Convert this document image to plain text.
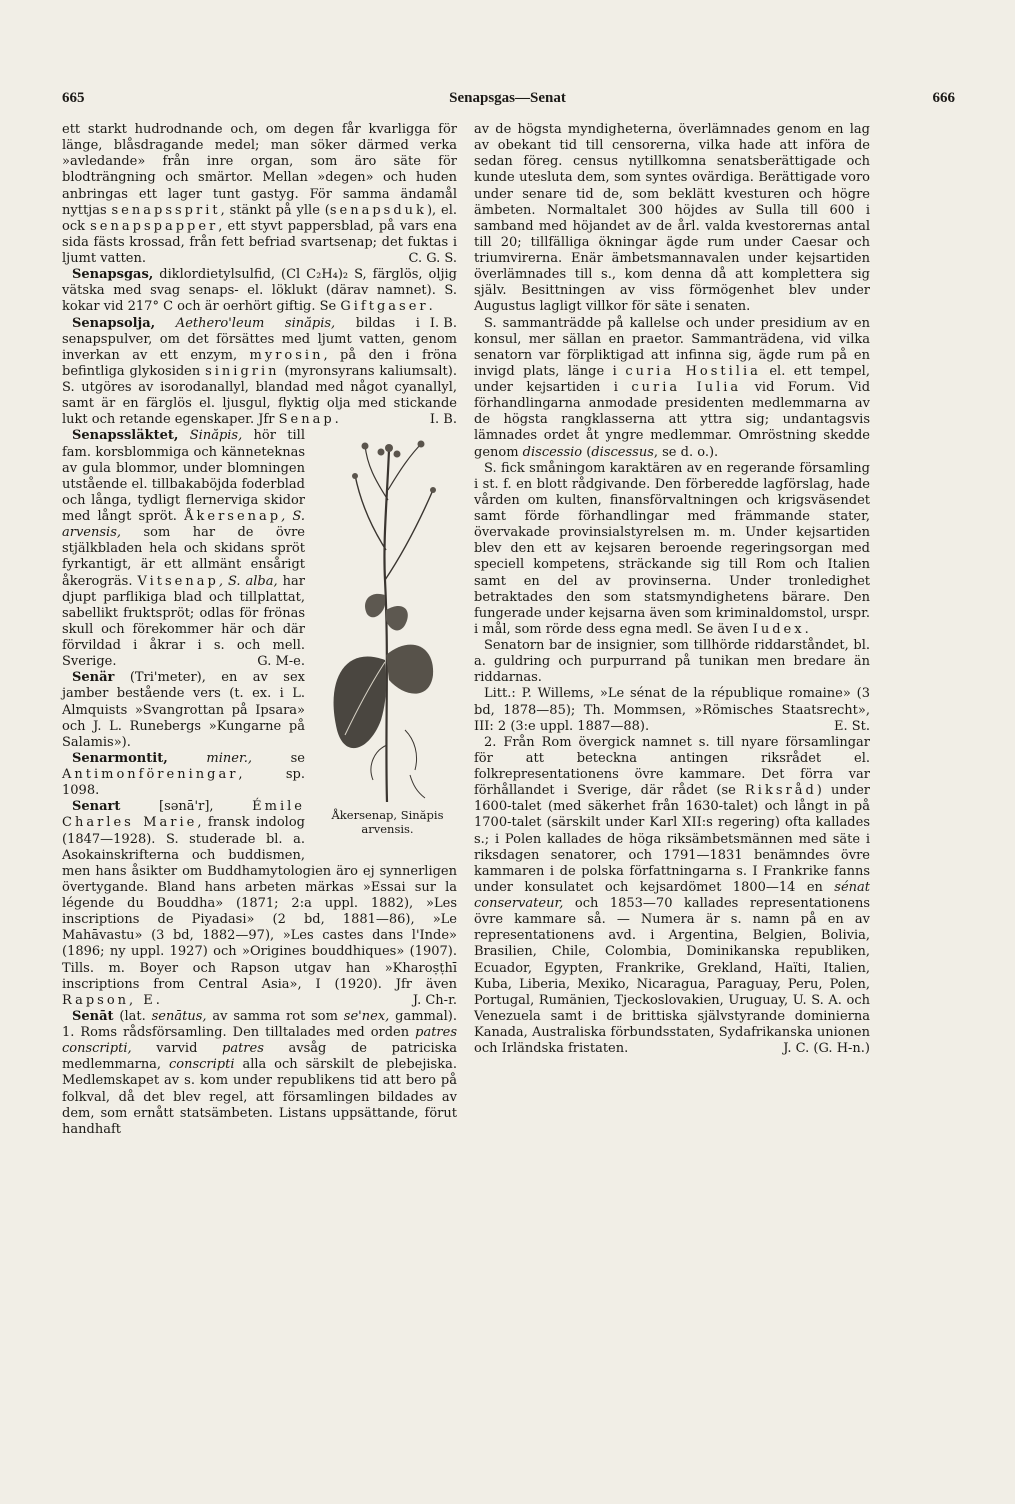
665	Senapsgas—Senat	666

ett starkt hudrodnande och, om degen får kvarligga för länge, blåsdragande medel; man söker därmed verka »avledande» från inre organ, som äro säte för blodträngning och smärtor. Mellan »degen» och huden anbringas ett lager tunt gastyg. För samma ändamål nyttjas senapssprit, stänkt på ylle (senapsduk), el. ock senapspapper, ett styvt pappersblad, på vars ena sida fästs krossad, från fett befriad svartsenap; det fuktas i ljumt vatten.	C. G. S.

Senapsgas, diklordietylsulfid, (Cl C₂H₄)₂ S, färglös, oljig vätska med svag senaps- el. löklukt (därav namnet). S. kokar vid 217° C och är oerhört giftig. Se Giftgaser.
I. B.

Senapsolja, Aethero'leum sinăpis, bildas i senapspulver, om det försättes med ljumt vatten, genom inverkan av ett enzym, myrosin, på den i fröna befintliga glykosiden sinigrin (myronsyrans kaliumsalt). S. utgöres av isorodanallyl, blandad med något cyanallyl, samt är en färglös el. ljusgul, flyktig olja med stickande lukt och retande egenskaper. Jfr Senap.	I. B.

Åkersenap, Sinăpis arvensis.

Senapssläktet, Sinăpis, hör till fam. korsblommiga och känneteknas av gula blommor, under blomningen utstående el. tillbakaböjda foderblad och långa, tydligt flernerviga skidor med långt spröt. Åkersenap, S. arvensis, som har de övre stjälkbladen hela och skidans spröt fyrkantigt, är ett allmänt ensårigt åkerogräs. Vitsenap, S. alba, har djupt parflikiga blad och tillplattat, sabellikt fruktspröt; odlas för frönas skull och förekommer här och där förvildad i åkrar i s. och mell. Sverige.	G. M-e.

Senär (Tri'meter), en av sex jamber bestående vers (t. ex. i L. Almquists »Svangrottan på Ipsara» och J. L. Runebergs »Kungarne på Salamis»).

Senarmontit, miner., se Antimonföreningar, sp. 1098.

Senart [sənā'r],	Émile Charles Marie, fransk indolog (1847—1928). S. studerade bl. a. Asokainskrifterna och buddismen, men hans åsikter om Buddhamytologien äro ej synnerligen övertygande. Bland hans arbeten märkas »Essai sur la légende du Bouddha» (1871; 2:a uppl. 1882), »Les inscriptions de Piyadasi» (2 bd, 1881—86), »Le Mahāvastu» (3 bd, 1882—97), »Les castes dans l'Inde» (1896; ny uppl. 1927) och »Origines bouddhiques» (1907). Tills. m. Boyer och Rapson utgav han »Kharoṣṭhī inscriptions from Central Asia», I (1920). Jfr även Rapson, E.	J. Ch-r.

Senāt (lat. senātus, av samma rot som se'nex, gammal). 1. Roms rådsförsamling. Den tilltalades med orden patres conscripti, varvid patres avsåg de patriciska medlemmarna, conscripti alla och särskilt de plebejiska. Medlemskapet av s. kom under republikens tid att bero på folkval, då det blev regel, att församlingen bildades av dem, som ernått statsämbeten. Listans uppsättande, förut handhaft

av de högsta myndigheterna, överlämnades genom en lag av obekant tid till censorerna, vilka hade att införa de sedan föreg. census nytillkomna senatsberättigade och kunde utesluta dem, som syntes ovärdiga. Berättigade voro under senare tid de, som beklätt kvesturen och högre ämbeten. Normaltalet 300 höjdes av Sulla till 600 i samband med höjandet av de årl. valda kvestorernas antal till 20; tillfälliga ökningar ägde rum under Caesar och triumvirerna. Enär ämbetsmannavalen under kejsartiden överlämnades till s., kom denna då att komplettera sig själv. Besittningen av viss förmögenhet blev under Augustus lagligt villkor för säte i senaten.

S. sammanträdde på kallelse och under presidium av en konsul, mer sällan en praetor. Sammanträdena, vid vilka senatorn var förpliktigad att infinna sig, ägde rum på en invigd plats, länge i curia Hostilia el. ett tempel, under kejsartiden i curia Iulia vid Forum. Vid förhandlingarna anmodade presidenten medlemmarna av de högsta rangklasserna att yttra sig; undantagsvis lämnades ordet åt yngre medlemmar. Omröstning skedde genom discessio (discessus, se d. o.).

S. fick småningom karaktären av en regerande församling i st. f. en blott rådgivande. Den förberedde lagförslag, hade vården om kulten, finansförvaltningen och krigsväsendet samt förde förhandlingar med främmande stater, övervakade provinsialstyrelsen m. m. Under kejsartiden blev den ett av kejsaren beroende regeringsorgan med speciell kompetens, sträckande sig till Rom och Italien samt en del av provinserna. Under tronledighet betraktades den som statsmyndighetens bärare. Den fungerade under kejsarna även som kriminaldomstol, urspr. i mål, som rörde dess egna medl. Se även Iudex.

Senatorn bar de insignier, som tillhörde riddarståndet, bl. a. guldring och purpurrand på tunikan men bredare än riddarnas.

Litt.: P. Willems, »Le sénat de la république romaine» (3 bd, 1878—85); Th. Mommsen, »Römisches Staatsrecht», III: 2 (3:e uppl. 1887—88).	E. St.

2. Från Rom övergick namnet s. till nyare församlingar för att beteckna antingen riksrådet el. folkrepresentationens övre kammare. Det förra var förhållandet i Sverige, där rådet (se Riksråd) under 1600-talet (med säkerhet från 1630-talet) och långt in på 1700-talet (särskilt under Karl XII:s regering) ofta kallades s.; i Polen kallades de höga riksämbetsmännen med säte i riksdagen senatorer, och 1791—1831 benämndes övre kammaren i de polska författningarna s. I Frankrike fanns under konsulatet och kejsardömet 1800—14 en sénat conservateur, och 1853—70 kallades representationens övre kammare så. — Numera är s. namn på en av representationens avd. i Argentina, Belgien, Bolivia, Brasilien, Chile, Colombia, Dominikanska republiken, Ecuador, Egypten, Frankrike, Grekland, Haïti, Italien, Kuba, Liberia, Mexiko, Nicaragua, Paraguay, Peru, Polen, Portugal, Rumänien, Tjeckoslovakien, Uruguay, U. S. A. och Venezuela samt i de brittiska självstyrande dominierna Kanada, Australiska förbundsstaten, Sydafrikanska unionen och Irländska fristaten.	J. C. (G. H-n.)
